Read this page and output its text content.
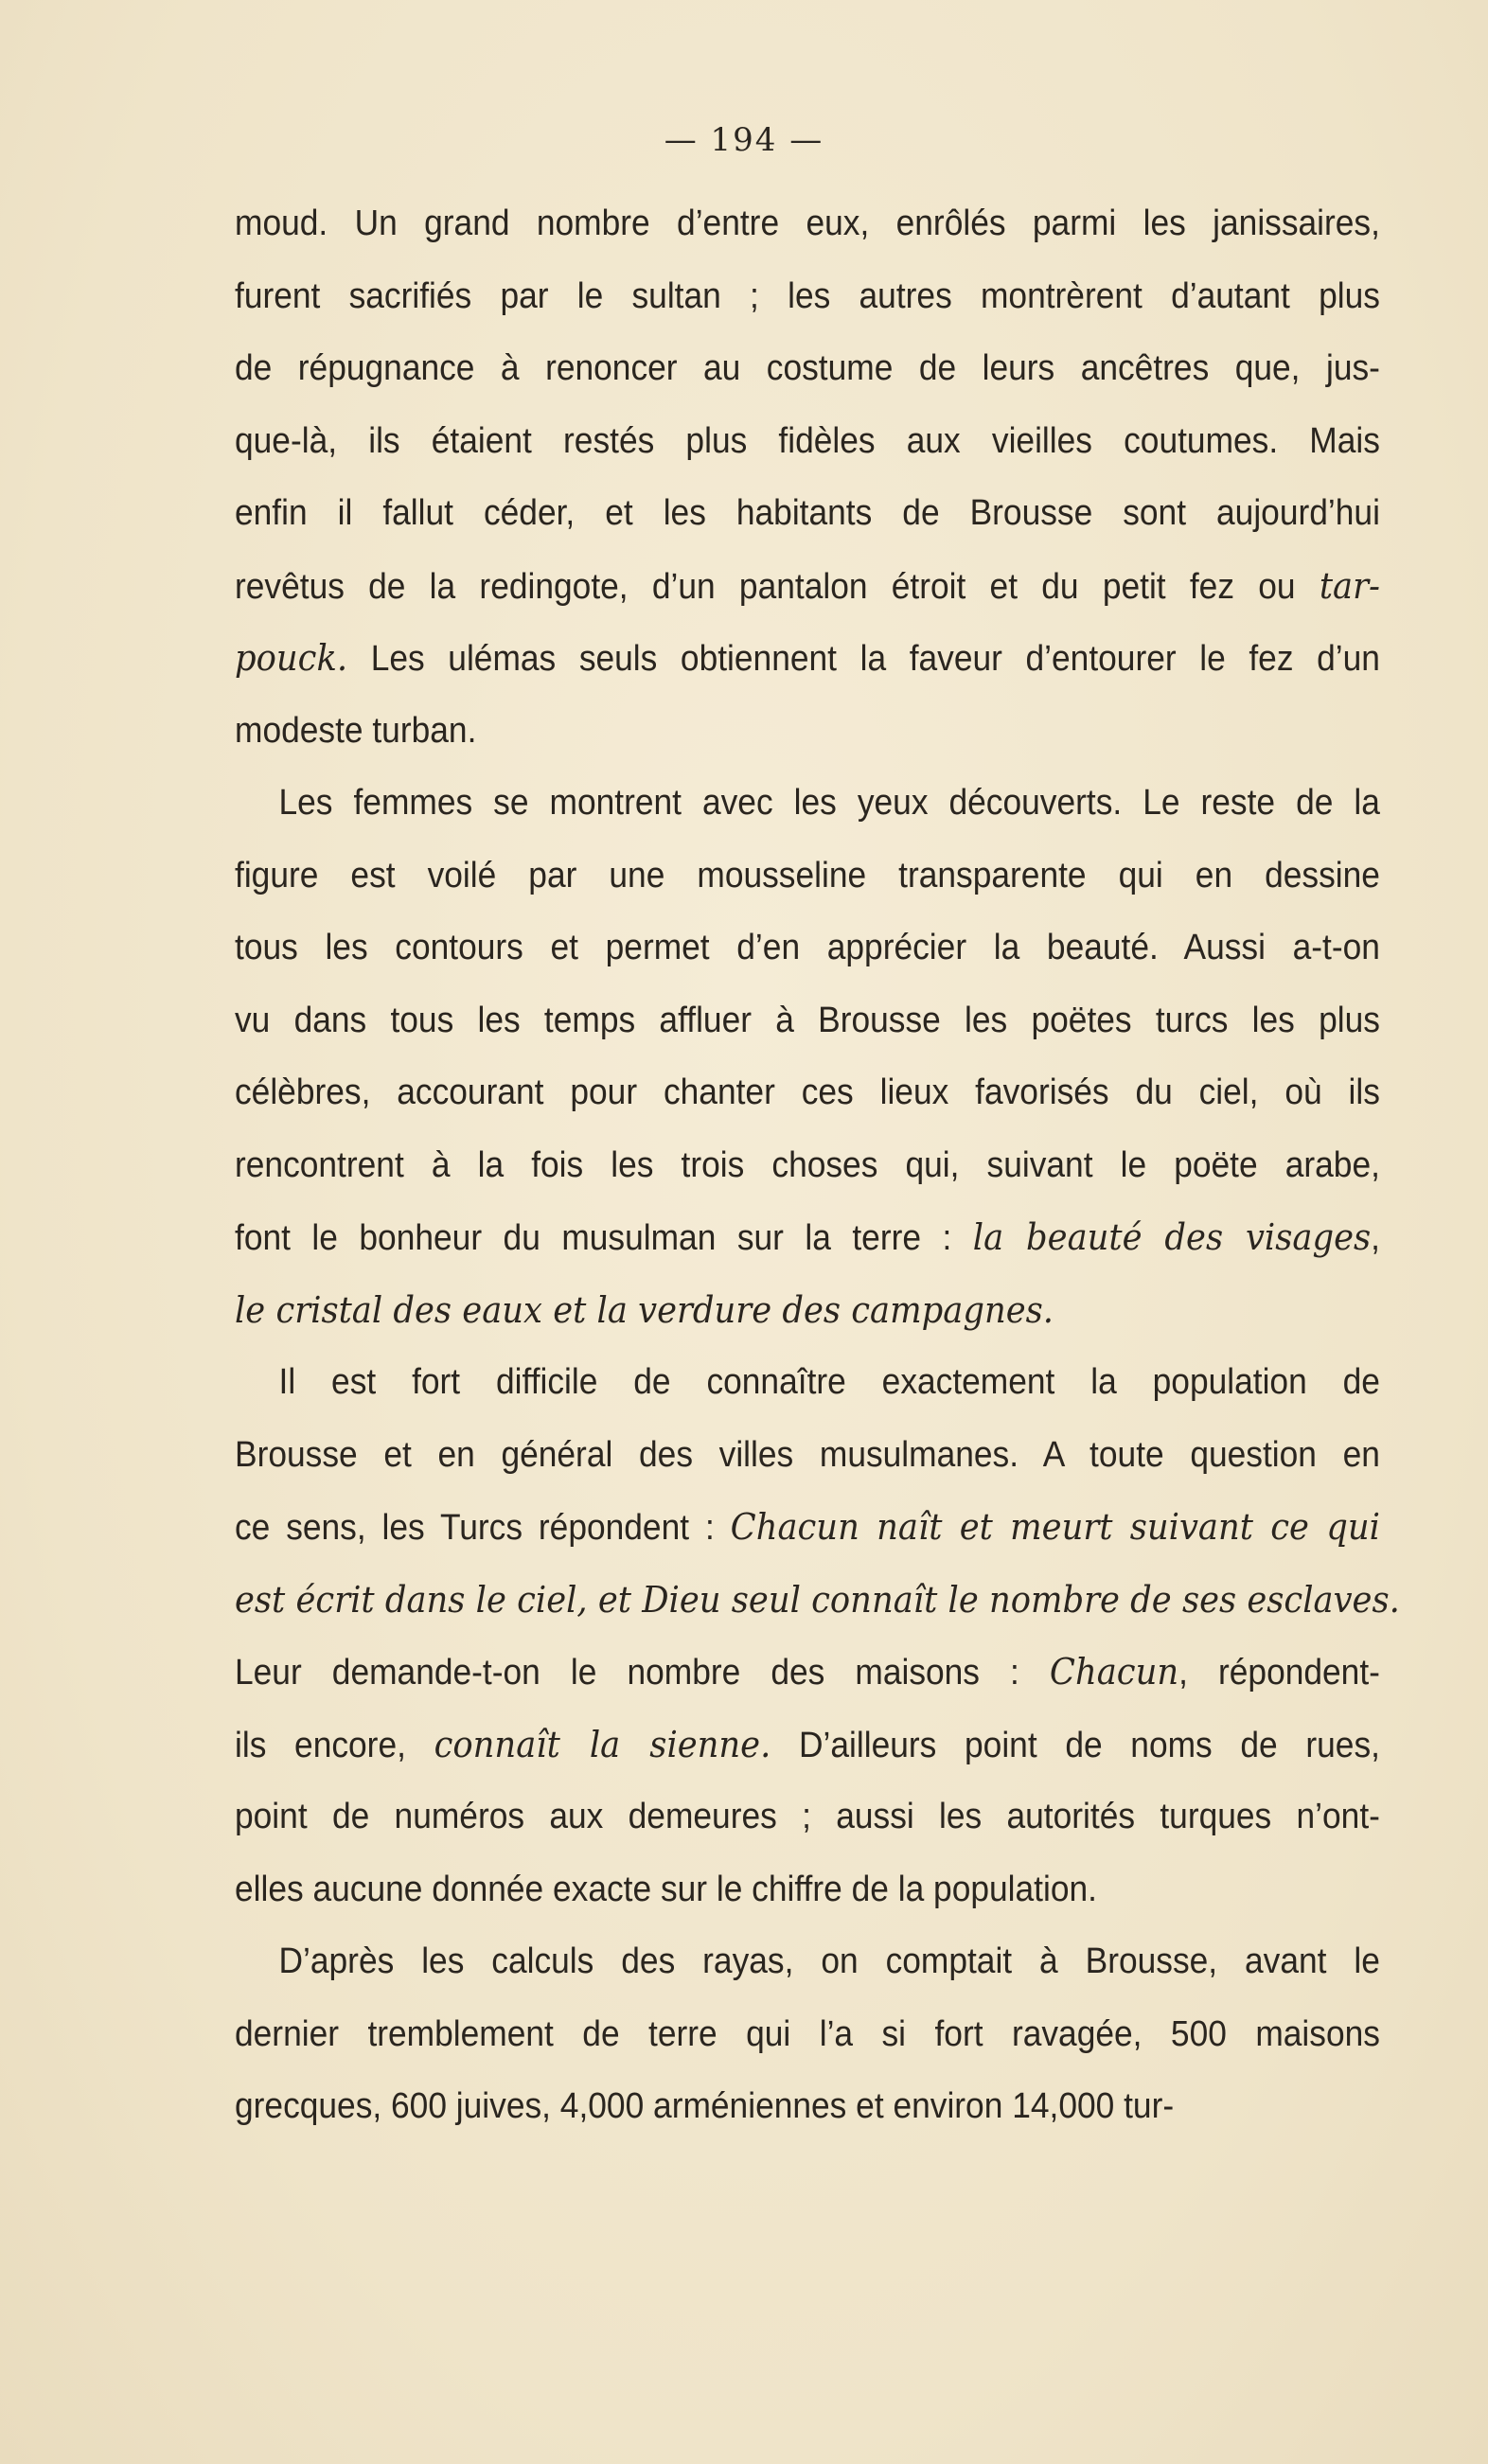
— 194 —
moud. Un grand nombre d’entre eux, enrôlés parmi les janissaires,
furent sacrifiés par le sultan ; les autres montrèrent d’autant plus
de répugnance à renoncer au costume de leurs ancêtres que, jus-
que-là, ils étaient restés plus fidèles aux vieilles coutumes. Mais
enfin il fallut céder, et les habitants de Brousse sont aujourd’hui
revêtus de la redingote, d’un pantalon étroit et du petit fez ou tar-
pouck. Les ulémas seuls obtiennent la faveur d’entourer le fez d’un
modeste turban.
Les femmes se montrent avec les yeux découverts. Le reste de la
figure est voilé par une mousseline transparente qui en dessine
tous les contours et permet d’en apprécier la beauté. Aussi a-t-on
vu dans tous les temps affluer à Brousse les poëtes turcs les plus
célèbres, accourant pour chanter ces lieux favorisés du ciel, où ils
rencontrent à la fois les trois choses qui, suivant le poëte arabe,
font le bonheur du musulman sur la terre : la beauté des visages,
le cristal des eaux et la verdure des campagnes.
Il est fort difficile de connaître exactement la population de
Brousse et en général des villes musulmanes. A toute question en
ce sens, les Turcs répondent : Chacun naît et meurt suivant ce qui
est écrit dans le ciel, et Dieu seul connaît le nombre de ses esclaves.
Leur demande-t-on le nombre des maisons : Chacun, répondent-
ils encore, connaît la sienne. D’ailleurs point de noms de rues,
point de numéros aux demeures ; aussi les autorités turques n’ont-
elles aucune donnée exacte sur le chiffre de la population.
D’après les calculs des rayas, on comptait à Brousse, avant le
dernier tremblement de terre qui l’a si fort ravagée, 500 maisons
grecques, 600 juives, 4,000 arméniennes et environ 14,000 tur-
